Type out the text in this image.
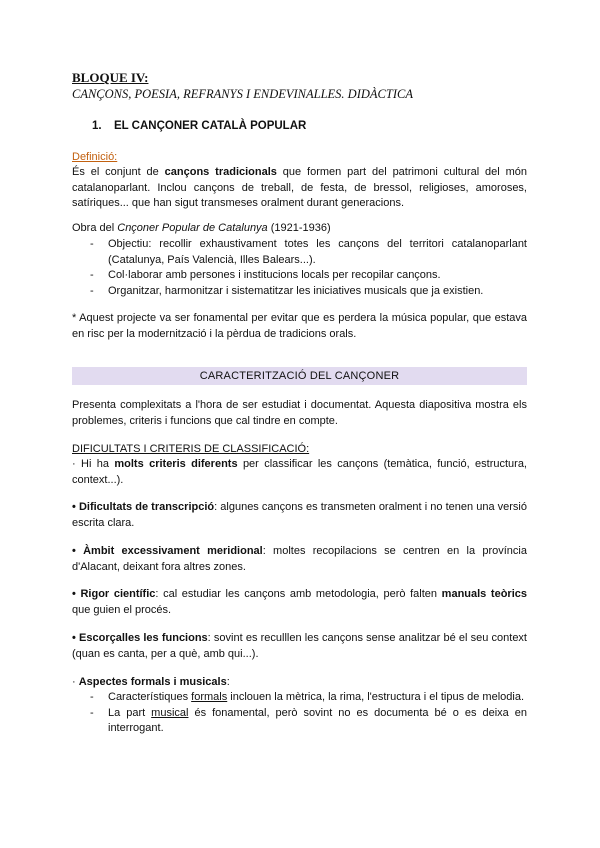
BLOQUE IV:
CANÇONS, POESIA, REFRANYS I ENDEVINALLES. DIDÀCTICA
1. EL CANÇONER CATALÀ POPULAR
Definició:
És el conjunt de cançons tradicionals que formen part del patrimoni cultural del món catalanoparlant. Inclou cançons de treball, de festa, de bressol, religioses, amoroses, satíriques... que han sigut transmeses oralment durant generacions.
Obra del Cnçoner Popular de Catalunya (1921-1936)
- Objectiu: recollir exhaustivament totes les cançons del territori catalanoparlant (Catalunya, País Valencià, Illes Balears...).
- Col·laborar amb persones i institucions locals per recopilar cançons.
- Organitzar, harmonitzar i sistematitzar les iniciatives musicals que ja existien.
* Aquest projecte va ser fonamental per evitar que es perdera la música popular, que estava en risc per la modernització i la pèrdua de tradicions orals.
CARACTERITZACIÓ DEL CANÇONER
Presenta complexitats a l'hora de ser estudiat i documentat. Aquesta diapositiva mostra els problemes, criteris i funcions que cal tindre en compte.
DIFICULTATS I CRITERIS DE CLASSIFICACIÓ:
· Hi ha molts criteris diferents per classificar les cançons (temàtica, funció, estructura, context...).
• Dificultats de transcripció: algunes cançons es transmeten oralment i no tenen una versió escrita clara.
• Àmbit excessivament meridional: moltes recopilacions se centren en la província d'Alacant, deixant fora altres zones.
• Rigor científic: cal estudiar les cançons amb metodologia, però falten manuals teòrics que guien el procés.
• Escorçalles les funcions: sovint es reculllen les cançons sense analitzar bé el seu context (quan es canta, per a què, amb qui...).
· Aspectes formals i musicals:
- Característiques formals inclouen la mètrica, la rima, l'estructura i el tipus de melodia.
- La part musical és fonamental, però sovint no es documenta bé o es deixa en interrogant.
